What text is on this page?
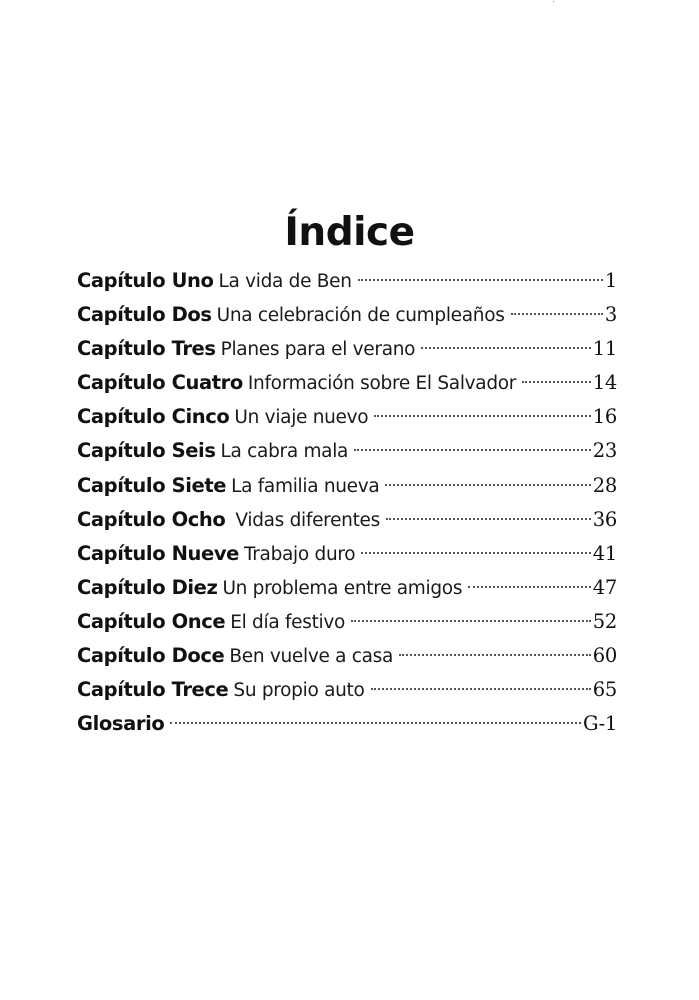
Índice
Capítulo Uno La vida de Ben	1
Capítulo Dos Una celebración de cumpleaños	3
Capítulo Tres Planes para el verano	11
Capítulo Cuatro Información sobre El Salvador	14
Capítulo Cinco Un viaje nuevo	16
Capítulo Seis La cabra mala	23
Capítulo Siete La familia nueva	28
Capítulo Ocho Vidas diferentes	36
Capítulo Nueve Trabajo duro	41
Capítulo Diez Un problema entre amigos	47
Capítulo Once El día festivo	52
Capítulo Doce Ben vuelve a casa	60
Capítulo Trece Su propio auto	65
Glosario	G-1
